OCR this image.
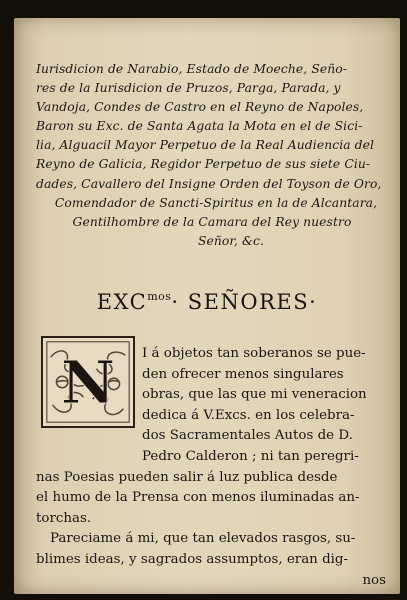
Iurisdicion de Narabio, Estado de Moeche, Seño-
res de la Iurisdicion de Pruzos, Parga, Parada, y
Vandoja, Condes de Castro en el Reyno de Napoles,
Baron su Exc. de Santa Agata la Mota en el de Sici-
lia, Alguacil Mayor Perpetuo de la Real Audiencia del
Reyno de Galicia, Regidor Perpetuo de sus siete Ciu-
dades, Cavallero del Insigne Orden del Toyson de Oro,
Comendador de Sancti-Spiritus en la de Alcantara,
Gentilhombre de la Camara del Rey nuestro
Señor, &c.
$EXC^{mos}\cdot$ SEÑORES·
N	I á objetos tan soberanos se pue-
den ofrecer menos singulares
obras, que las que mi veneracion
dedica á V.Excs. en los celebra-
dos Sacramentales Autos de D.
Pedro Calderon ; ni tan peregri-
nas Poesias pueden salir á luz publica desde
el humo de la Prensa con menos iluminadas an-
torchas.
Pareciame á mi, que tan elevados rasgos, su-
blimes ideas, y sagrados assumptos, eran dig-
nos
